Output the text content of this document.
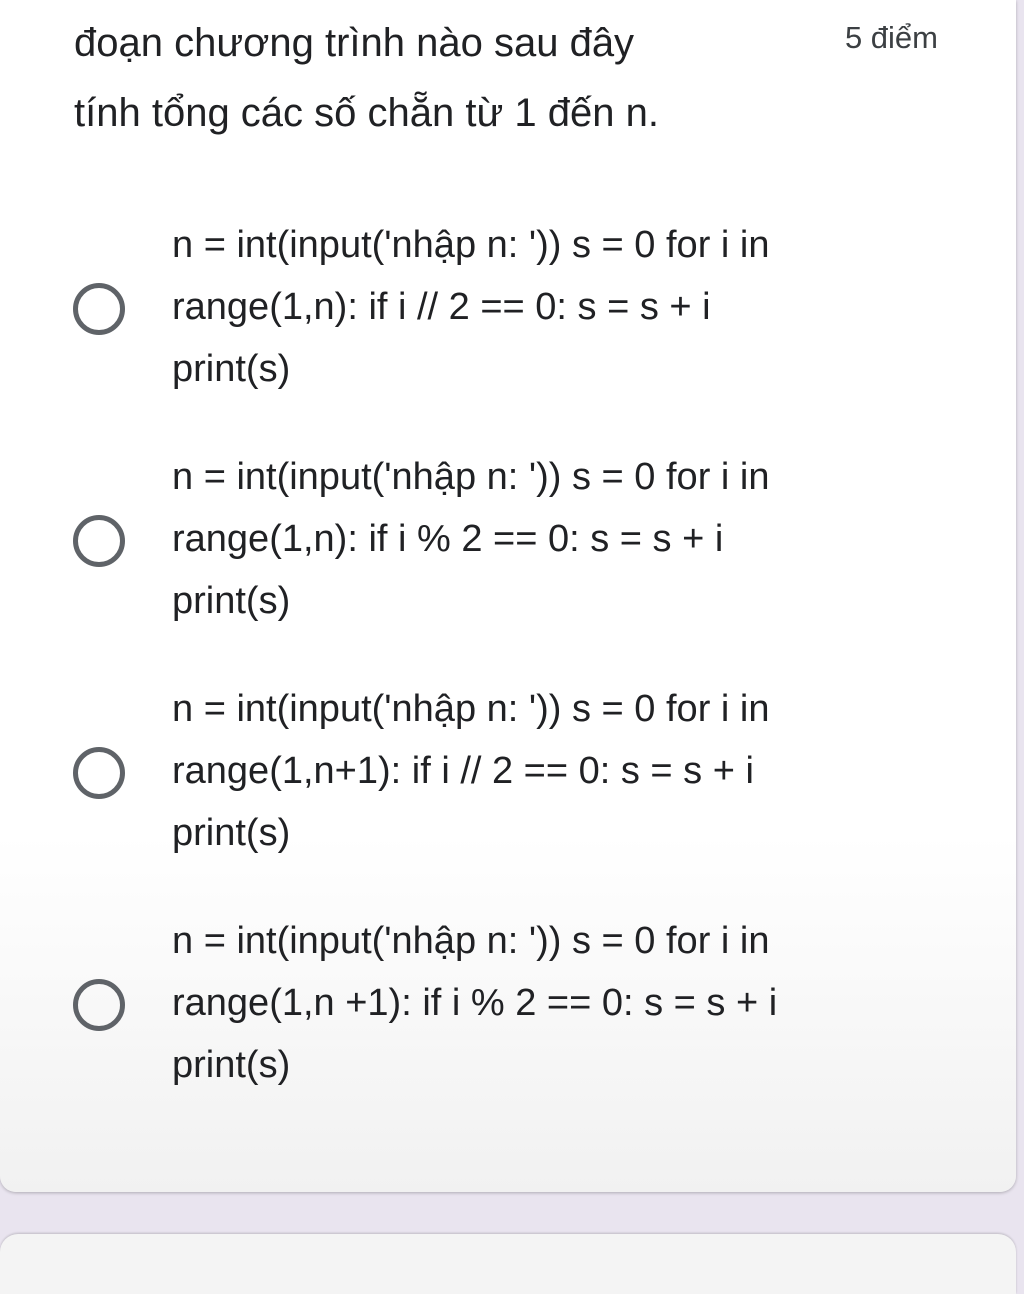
đoạn chương trình nào sau đây
tính tổng các số chẵn từ 1 đến n.
5 điểm
n = int(input('nhập n: ')) s = 0 for i in
range(1,n): if i // 2 == 0: s = s + i
print(s)
n = int(input('nhập n: ')) s = 0 for i in
range(1,n): if i % 2 == 0: s = s + i
print(s)
n = int(input('nhập n: ')) s = 0 for i in
range(1,n+1): if i // 2 == 0: s = s + i
print(s)
n = int(input('nhập n: ')) s = 0 for i in
range(1,n +1): if i % 2 == 0: s = s + i
print(s)
